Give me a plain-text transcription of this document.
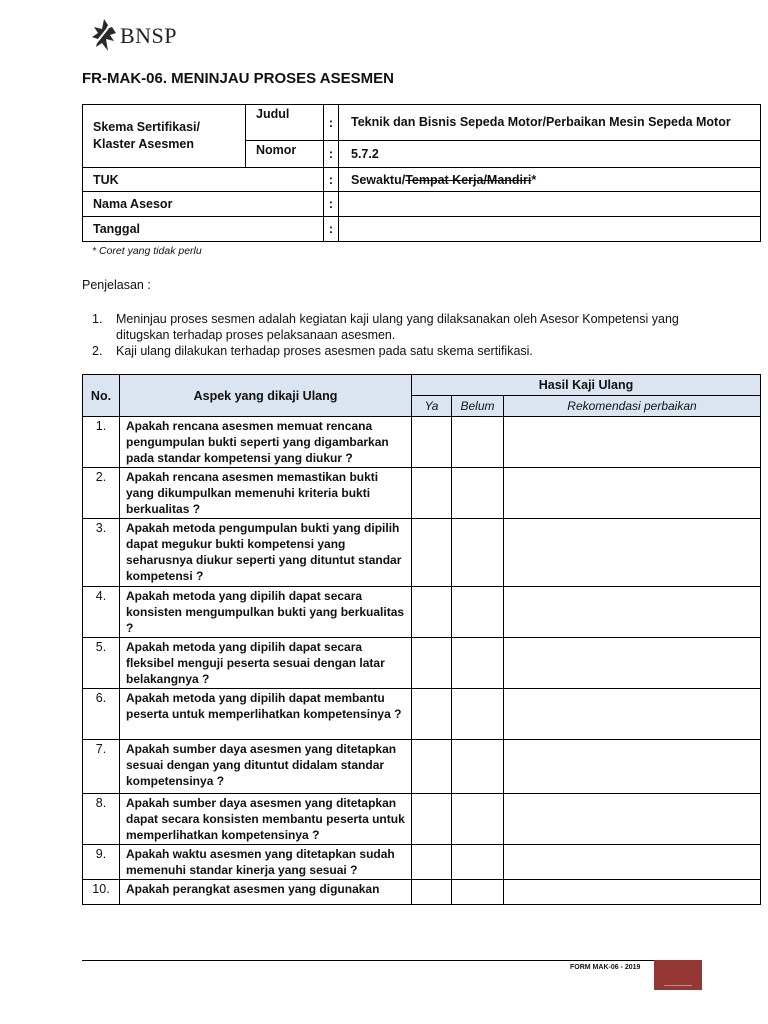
BNSP
FR-MAK-06. MENINJAU PROSES ASESMEN
Skema Sertifikasi/ Klaster Asesmen	Judul	:	Teknik dan Bisnis Sepeda Motor/Perbaikan Mesin Sepeda Motor
	Nomor	:	5.7.2
TUK		:	Sewaktu/Tempat Kerja/Mandiri*
Nama Asesor		:	
Tanggal		:	
* Coret yang tidak perlu
Penjelasan :
1.	Meninjau proses sesmen adalah kegiatan kaji ulang yang dilaksanakan oleh Asesor Kompetensi yang ditugskan terhadap proses pelaksanaan asesmen.
2.	Kaji ulang dilakukan terhadap proses asesmen pada satu skema sertifikasi.
No.	Aspek yang dikaji Ulang	Hasil Kaji Ulang		
		Ya	Belum	Rekomendasi perbaikan
1.	Apakah rencana asesmen memuat rencana pengumpulan bukti seperti yang digambarkan pada standar kompetensi yang diukur ?			
2.	Apakah rencana asesmen memastikan bukti yang dikumpulkan memenuhi kriteria bukti berkualitas ?			
3.	Apakah metoda pengumpulan bukti yang dipilih dapat megukur bukti kompetensi yang seharusnya diukur seperti yang dituntut standar kompetensi ?			
4.	Apakah metoda yang dipilih dapat secara konsisten mengumpulkan bukti yang berkualitas ?			
5.	Apakah metoda yang dipilih dapat secara fleksibel menguji peserta sesuai dengan latar belakangnya ?			
6.	Apakah metoda yang dipilih dapat membantu peserta untuk memperlihatkan kompetensinya ?			
7.	Apakah sumber daya asesmen yang ditetapkan sesuai dengan yang dituntut didalam standar kompetensinya ?			
8.	Apakah sumber daya asesmen yang ditetapkan dapat secara konsisten membantu peserta untuk memperlihatkan kompetensinya ?			
9.	Apakah waktu asesmen yang ditetapkan sudah memenuhi standar kinerja yang sesuai ?			
10.	Apakah perangkat asesmen yang digunakan			
FORM MAK-06 - 2019
